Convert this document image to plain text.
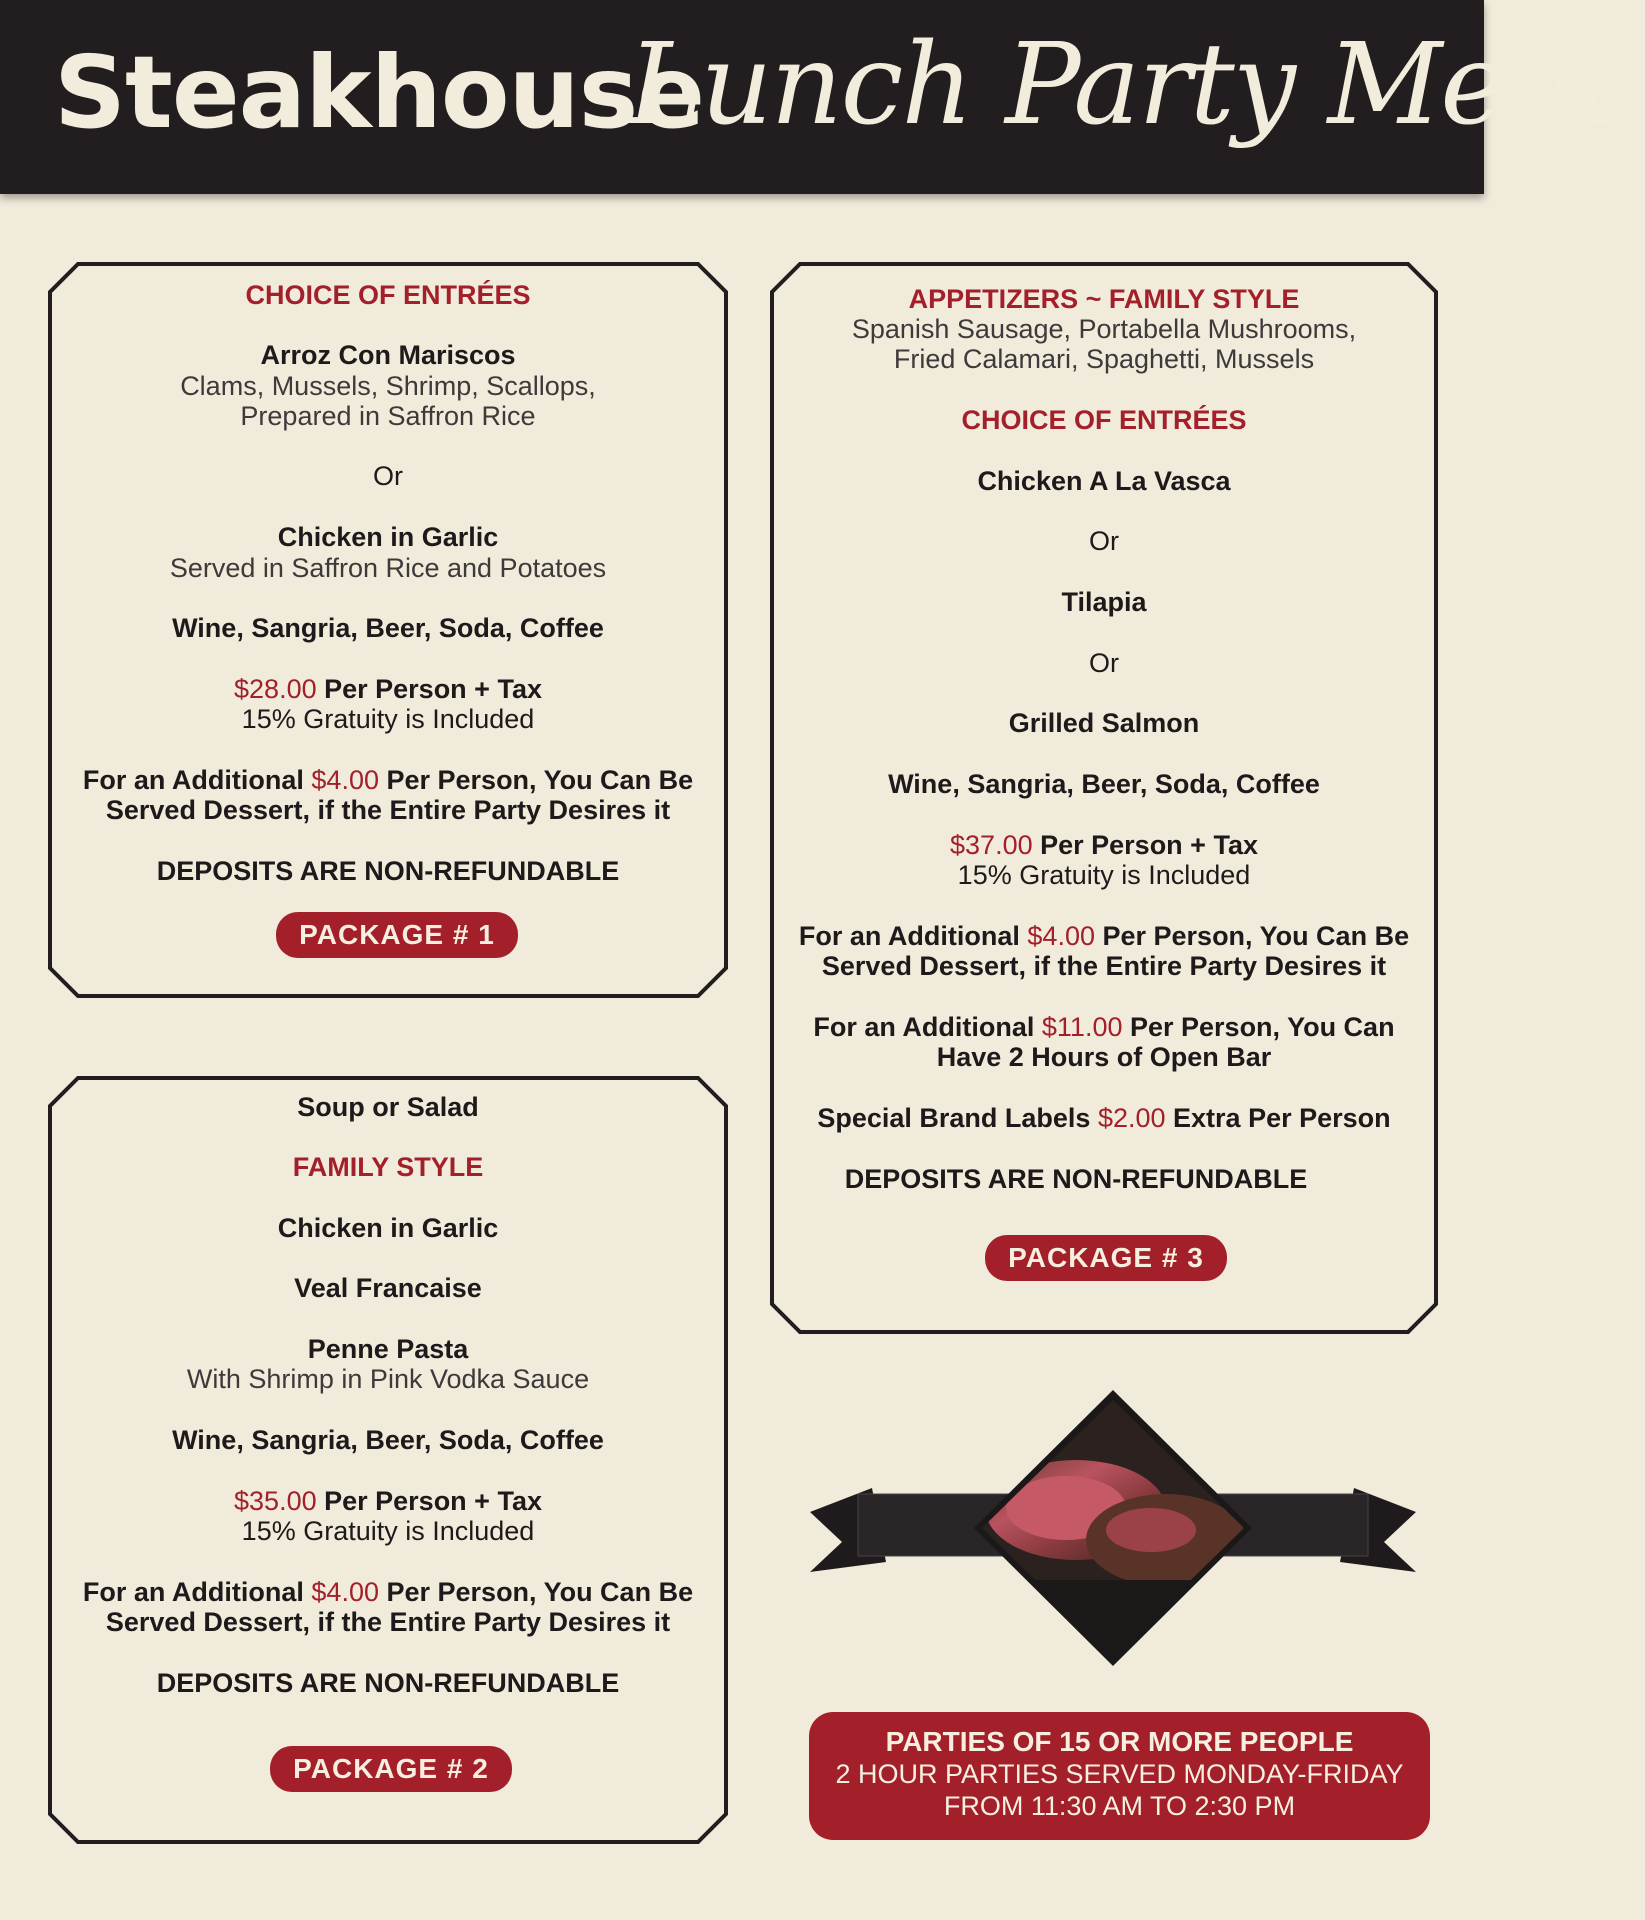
Steakhouse
Lunch Party Menu
CHOICE OF ENTRÉES
Arroz Con Mariscos
Clams, Mussels, Shrimp, Scallops,
Prepared in Saffron Rice
Or
Chicken in Garlic
Served in Saffron Rice and Potatoes
Wine, Sangria, Beer, Soda, Coffee
$28.00 Per Person + Tax
15% Gratuity is Included
For an Additional $4.00 Per Person, You Can Be
Served Dessert, if the Entire Party Desires it
DEPOSITS ARE NON-REFUNDABLE
PACKAGE # 1
Soup or Salad
FAMILY STYLE
Chicken in Garlic
Veal Francaise
Penne Pasta
With Shrimp in Pink Vodka Sauce
Wine, Sangria, Beer, Soda, Coffee
$35.00 Per Person + Tax
15% Gratuity is Included
For an Additional $4.00 Per Person, You Can Be
Served Dessert, if the Entire Party Desires it
DEPOSITS ARE NON-REFUNDABLE
PACKAGE # 2
APPETIZERS ~ FAMILY STYLE
Spanish Sausage, Portabella Mushrooms,
Fried Calamari, Spaghetti, Mussels
CHOICE OF ENTRÉES
Chicken A La Vasca
Or
Tilapia
Or
Grilled Salmon
Wine, Sangria, Beer, Soda, Coffee
$37.00 Per Person + Tax
15% Gratuity is Included
For an Additional $4.00 Per Person, You Can Be
Served Dessert, if the Entire Party Desires it
For an Additional $11.00 Per Person, You Can
Have 2 Hours of Open Bar
Special Brand Labels $2.00 Extra Per Person
DEPOSITS ARE NON-REFUNDABLE
PACKAGE # 3
PARTIES OF 15 OR MORE PEOPLE
2 HOUR PARTIES SERVED MONDAY-FRIDAY
FROM 11:30 AM TO 2:30 PM
